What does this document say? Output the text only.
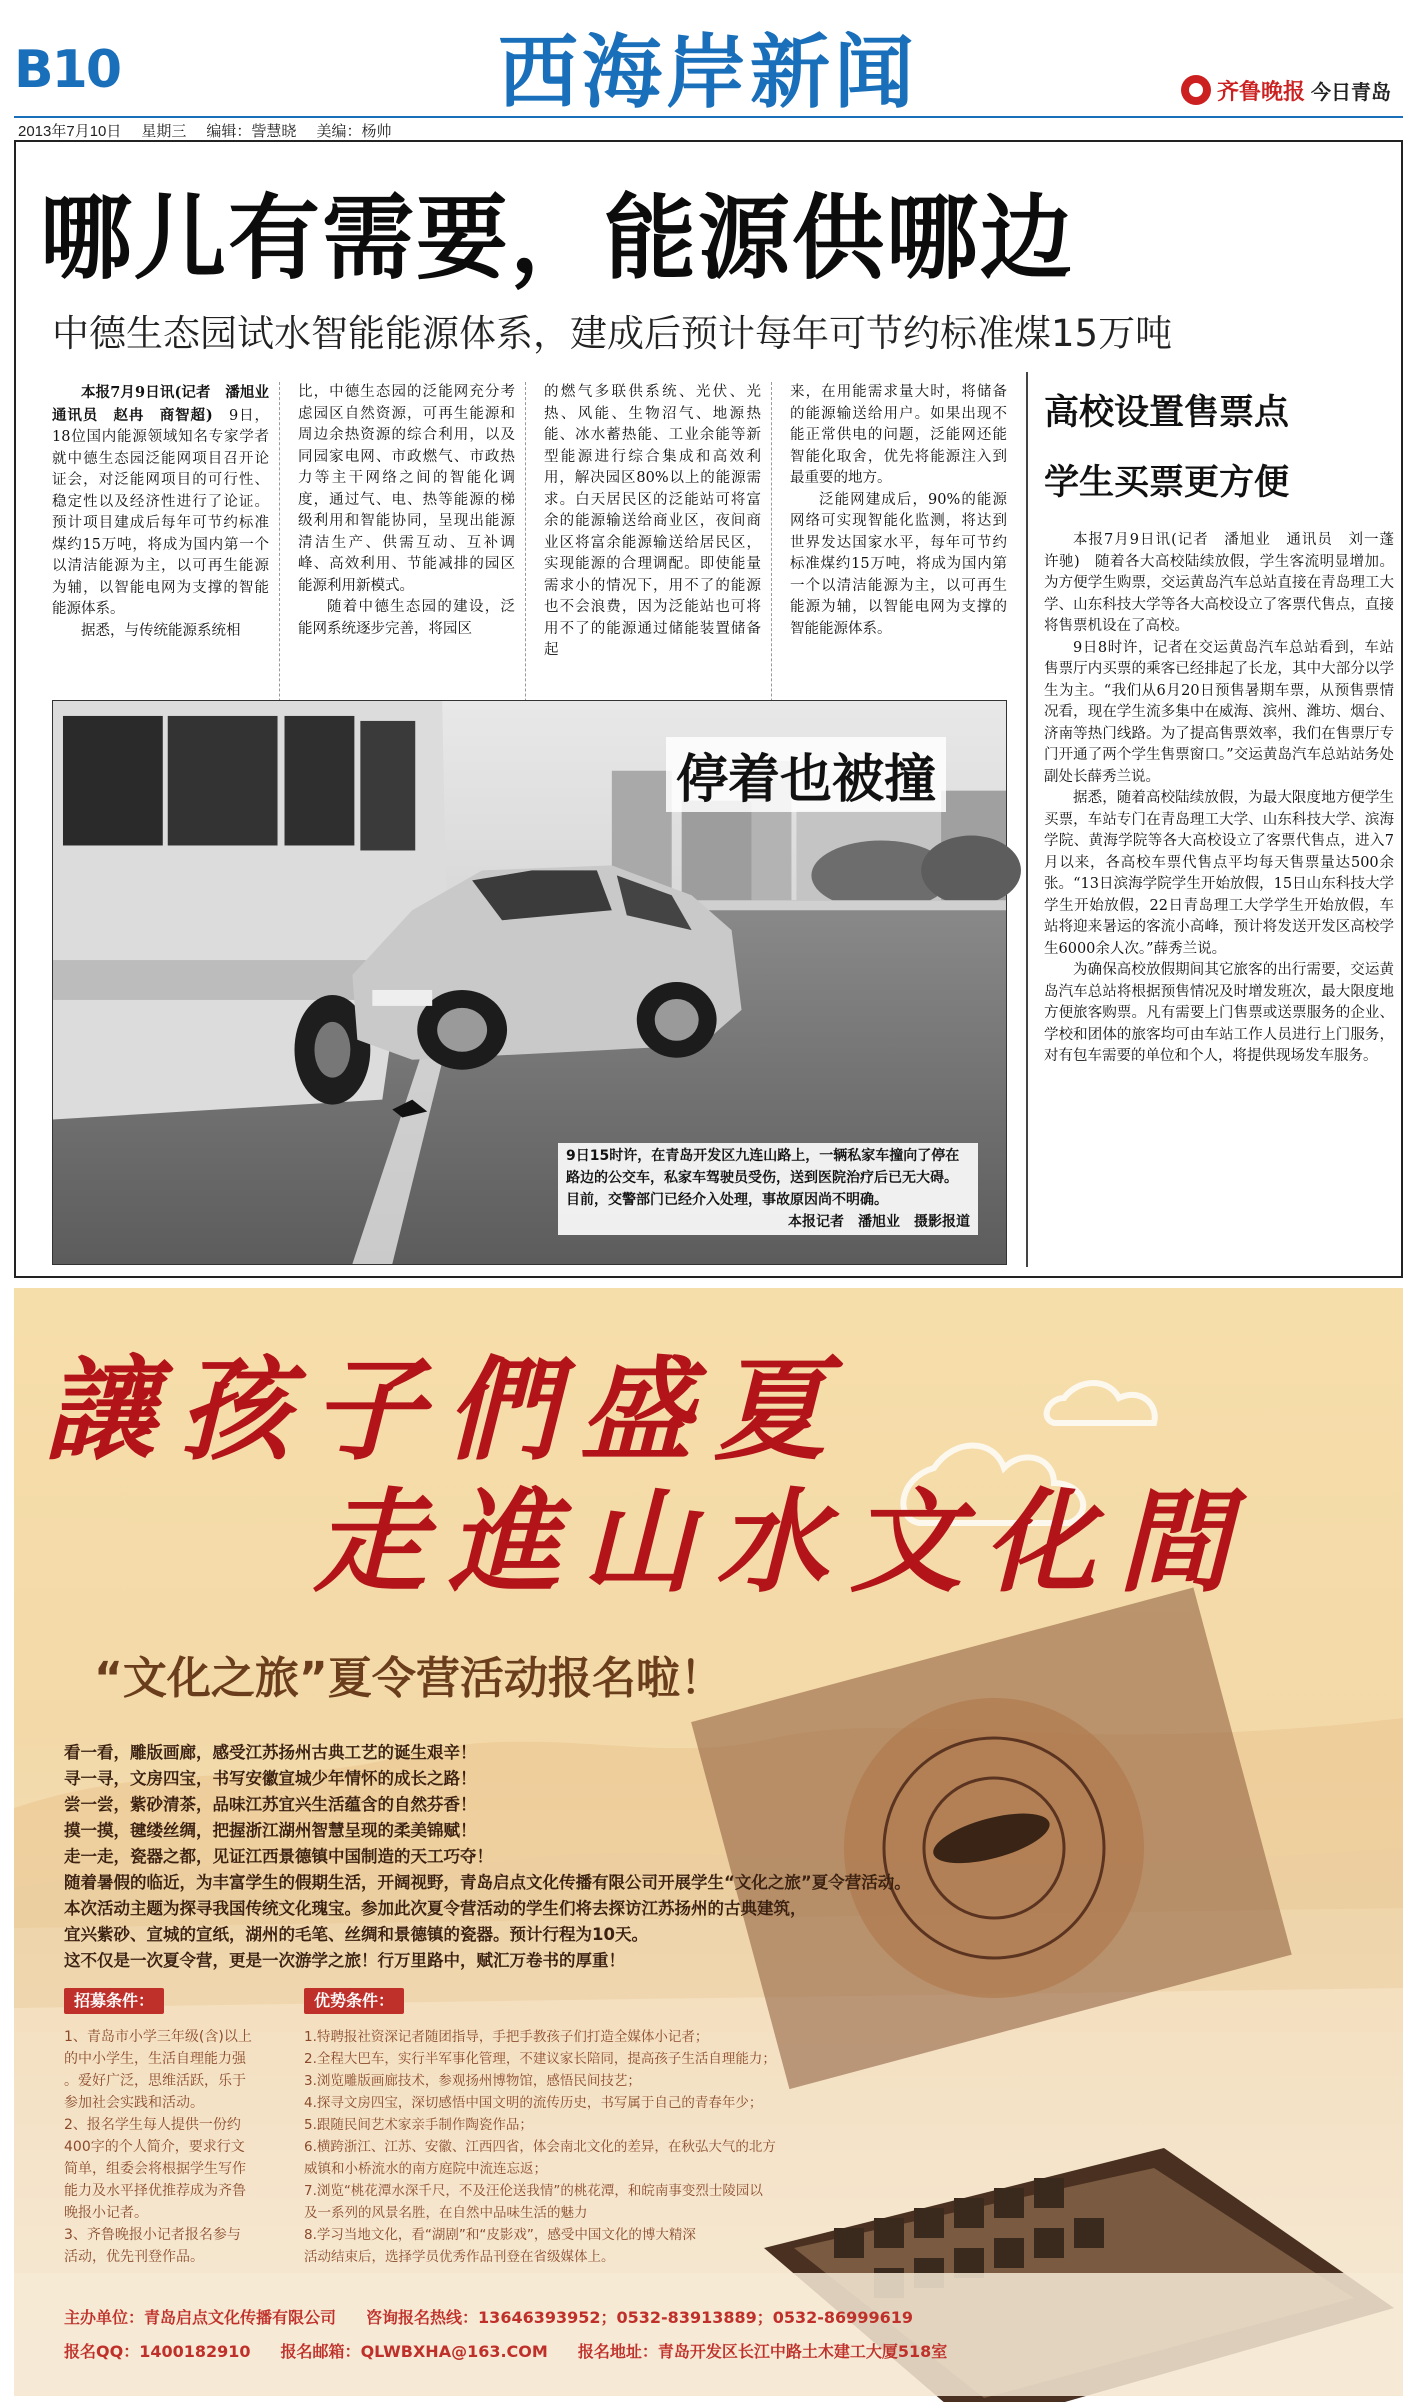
B10	西海岸新闻	齐鲁晚报 今日青岛
2013年7月10日 星期三 编辑：訾慧晓 美编：杨帅
哪儿有需要，能源供哪边
中德生态园试水智能能源体系，建成后预计每年可节约标准煤15万吨

本报7月9日讯(记者　潘旭业　通讯员　赵冉　商智超)　 9日，18位国内能源领域知名专家学者就中德生态园泛能网项目召开论证会，对泛能网项目的可行性、稳定性以及经济性进行了论证。预计项目建成后每年可节约标准煤约15万吨，将成为国内第一个以清洁能源为主，以可再生能源为辅，以智能电网为支撑的智能能源体系。

据悉，与传统能源系统相

比，中德生态园的泛能网充分考虑园区自然资源，可再生能源和周边余热资源的综合利用，以及同园家电网、市政燃气、市政热力等主干网络之间的智能化调度，通过气、电、热等能源的梯级利用和智能协同，呈现出能源清洁生产、供需互动、互补调峰、高效利用、节能减排的园区能源利用新模式。

随着中德生态园的建设，泛能网系统逐步完善，将园区

的燃气多联供系统、光伏、光热、风能、生物沼气、地源热能、冰水蓄热能、工业余能等新型能源进行综合集成和高效利用，解决园区80%以上的能源需求。白天居民区的泛能站可将富余的能源输送给商业区，夜间商业区将富余能源输送给居民区，实现能源的合理调配。即使能量需求小的情况下，用不了的能源也不会浪费，因为泛能站也可将用不了的能源通过储能装置储备起

来，在用能需求量大时，将储备的能源输送给用户。如果出现不能正常供电的问题，泛能网还能智能化取舍，优先将能源注入到最重要的地方。

泛能网建成后，90%的能源网络可实现智能化监测，将达到世界发达国家水平，每年可节约标准煤约15万吨，将成为国内第一个以清洁能源为主，以可再生能源为辅，以智能电网为支撑的智能能源体系。

停着也被撞
9日15时许，在青岛开发区九连山路上，一辆私家车撞向了停在路边的公交车，私家车驾驶员受伤，送到医院治疗后已无大碍。目前，交警部门已经介入处理，事故原因尚不明确。
本报记者　潘旭业　摄影报道
高校设置售票点
学生买票更方便

本报7月9日讯(记者　潘旭业　通讯员　刘一蓬　许驰)　随着各大高校陆续放假，学生客流明显增加。为方便学生购票，交运黄岛汽车总站直接在青岛理工大学、山东科技大学等各大高校设立了客票代售点，直接将售票机设在了高校。

9日8时许，记者在交运黄岛汽车总站看到，车站售票厅内买票的乘客已经排起了长龙，其中大部分以学生为主。“我们从6月20日预售暑期车票，从预售票情况看，现在学生流多集中在威海、滨州、潍坊、烟台、济南等热门线路。为了提高售票效率，我们在售票厅专门开通了两个学生售票窗口。”交运黄岛汽车总站站务处副处长薛秀兰说。

据悉，随着高校陆续放假，为最大限度地方便学生买票，车站专门在青岛理工大学、山东科技大学、滨海学院、黄海学院等各大高校设立了客票代售点，进入7月以来，各高校车票代售点平均每天售票量达500余张。“13日滨海学院学生开始放假，15日山东科技大学学生开始放假，22日青岛理工大学学生开始放假，车站将迎来暑运的客流小高峰，预计将发送开发区高校学生6000余人次。”薛秀兰说。

为确保高校放假期间其它旅客的出行需要，交运黄岛汽车总站将根据预售情况及时增发班次，最大限度地方便旅客购票。凡有需要上门售票或送票服务的企业、学校和团体的旅客均可由车站工作人员进行上门服务，对有包车需要的单位和个人，将提供现场发车服务。

讓孩子們盛夏
走進山水文化間
“文化之旅”夏令营活动报名啦！
看一看，雕版画廊，感受江苏扬州古典工艺的诞生艰辛！
寻一寻，文房四宝，书写安徽宣城少年情怀的成长之路！
尝一尝，紫砂清茶，品味江苏宜兴生活蕴含的自然芬香！
摸一摸，毽缕丝绸，把握浙江湖州智慧呈现的柔美锦赋！
走一走，瓷器之都，见证江西景德镇中国制造的天工巧夺！
随着暑假的临近，为丰富学生的假期生活，开阔视野，青岛启点文化传播有限公司开展学生“文化之旅”夏令营活动。
本次活动主题为探寻我国传统文化瑰宝。参加此次夏令营活动的学生们将去探访江苏扬州的古典建筑，
宜兴紫砂、宣城的宣纸，湖州的毛笔、丝绸和景德镇的瓷器。预计行程为10天。
这不仅是一次夏令营，更是一次游学之旅！行万里路中，赋汇万卷书的厚重！
招募条件：
1、青岛市小学三年级(含)以上
的中小学生，生活自理能力强
。爱好广泛，思维活跃，乐于
参加社会实践和活动。
2、报名学生每人提供一份约
400字的个人简介，要求行文
简单，组委会将根据学生写作
能力及水平择优推荐成为齐鲁
晚报小记者。
3、齐鲁晚报小记者报名参与
活动，优先刊登作品。
优势条件：
1.特聘报社资深记者随团指导，手把手教孩子们打造全媒体小记者；
2.全程大巴车，实行半军事化管理，不建议家长陪同，提高孩子生活自理能力；
3.浏览雕版画廊技术，参观扬州博物馆，感悟民间技艺；
4.探寻文房四宝，深切感悟中国文明的流传历史，书写属于自己的青春年少；
5.跟随民间艺术家亲手制作陶瓷作品；
6.横跨浙江、江苏、安徽、江西四省，体会南北文化的差异，在秋弘大气的北方
威镇和小桥流水的南方庭院中流连忘返；
7.浏览“桃花潭水深千尺，不及汪伦送我情”的桃花潭，和皖南事变烈士陵园以
及一系列的风景名胜，在自然中品味生活的魅力
8.学习当地文化，看“湖剧”和“皮影戏”，感受中国文化的博大精深
活动结束后，选择学员优秀作品刊登在省级媒体上。
主办单位：青岛启点文化传播有限公司 咨询报名热线：13646393952；0532-83913889；0532-86999619
报名QQ：1400182910 报名邮箱：QLWBXHA@163.COM 报名地址：青岛开发区长江中路土木建工大厦518室
